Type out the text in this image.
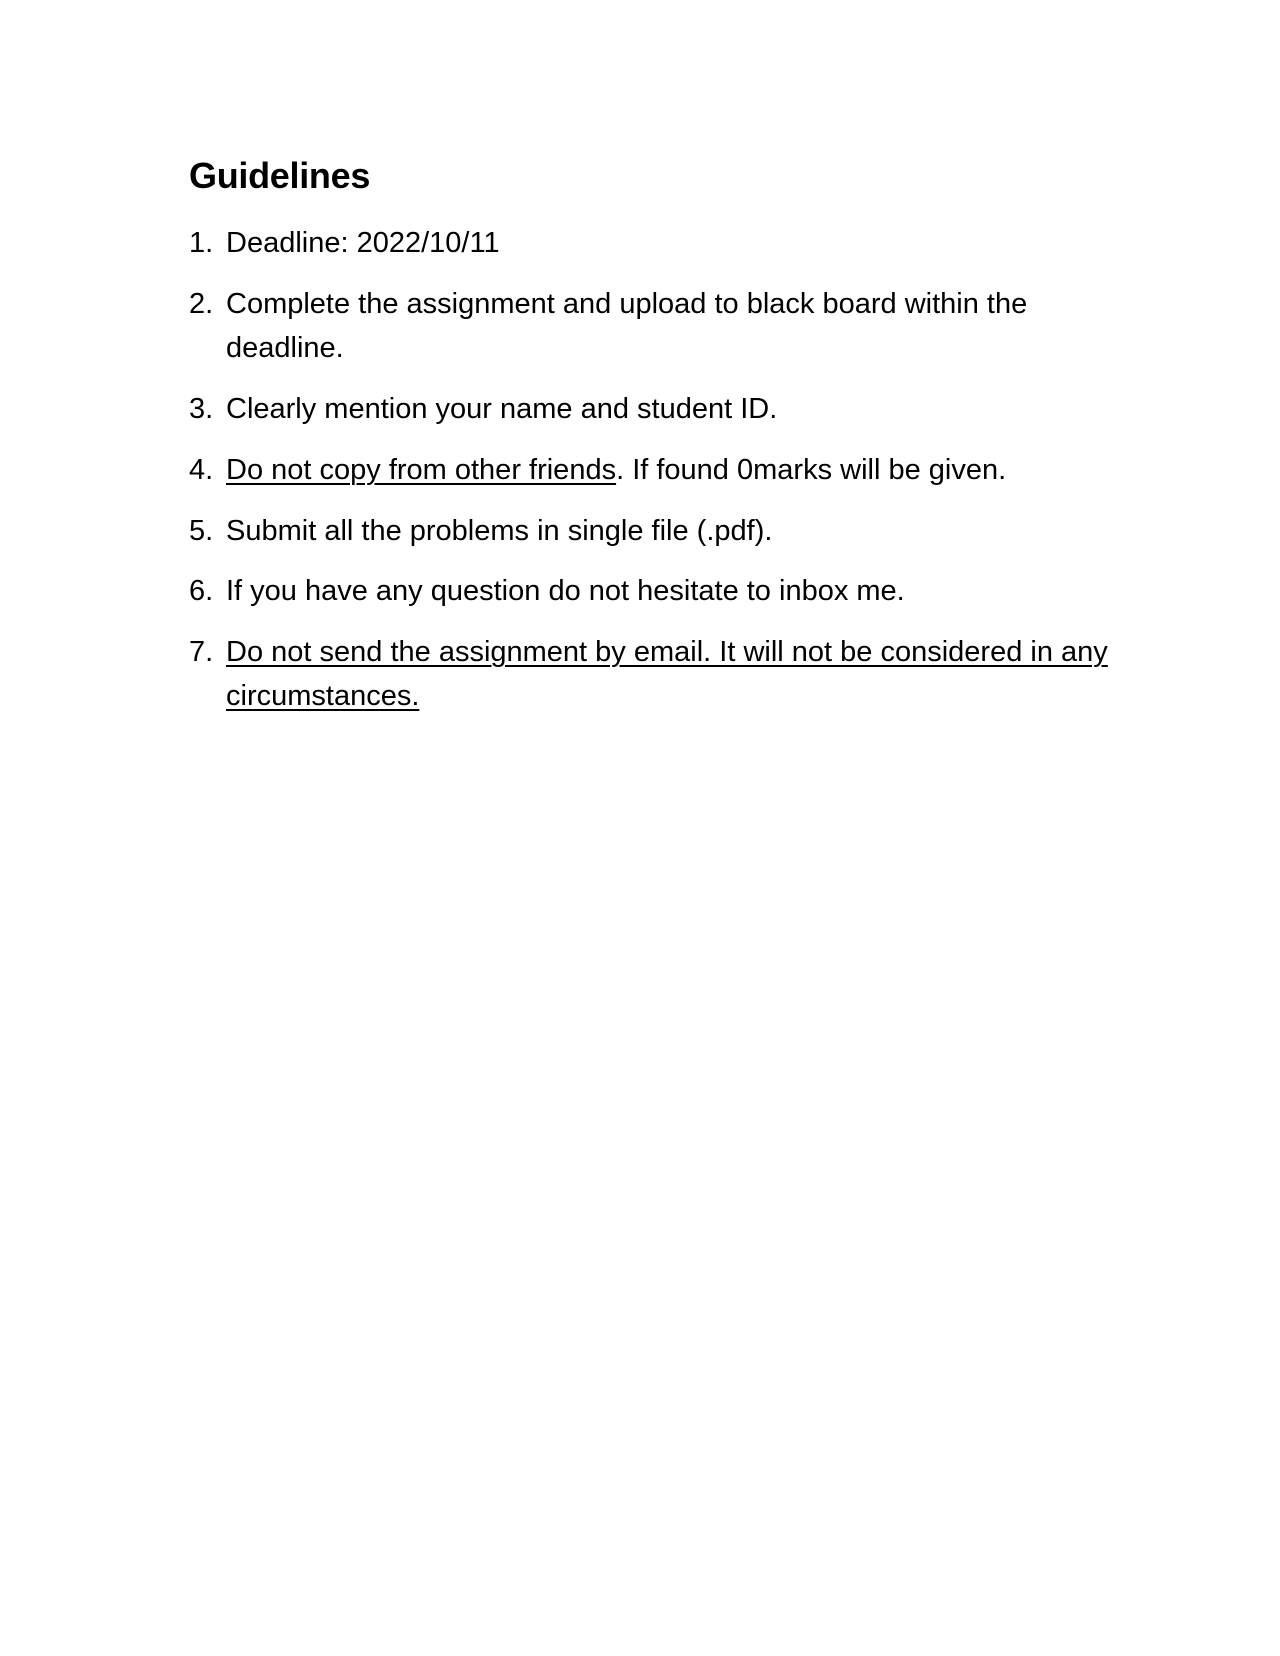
Guidelines
1. Deadline: 2022/10/11
2. Complete the assignment and upload to black board within the deadline.
3. Clearly mention your name and student ID.
4. Do not copy from other friends. If found 0marks will be given.
5. Submit all the problems in single file (.pdf).
6. If you have any question do not hesitate to inbox me.
7. Do not send the assignment by email. It will not be considered in any circumstances.
